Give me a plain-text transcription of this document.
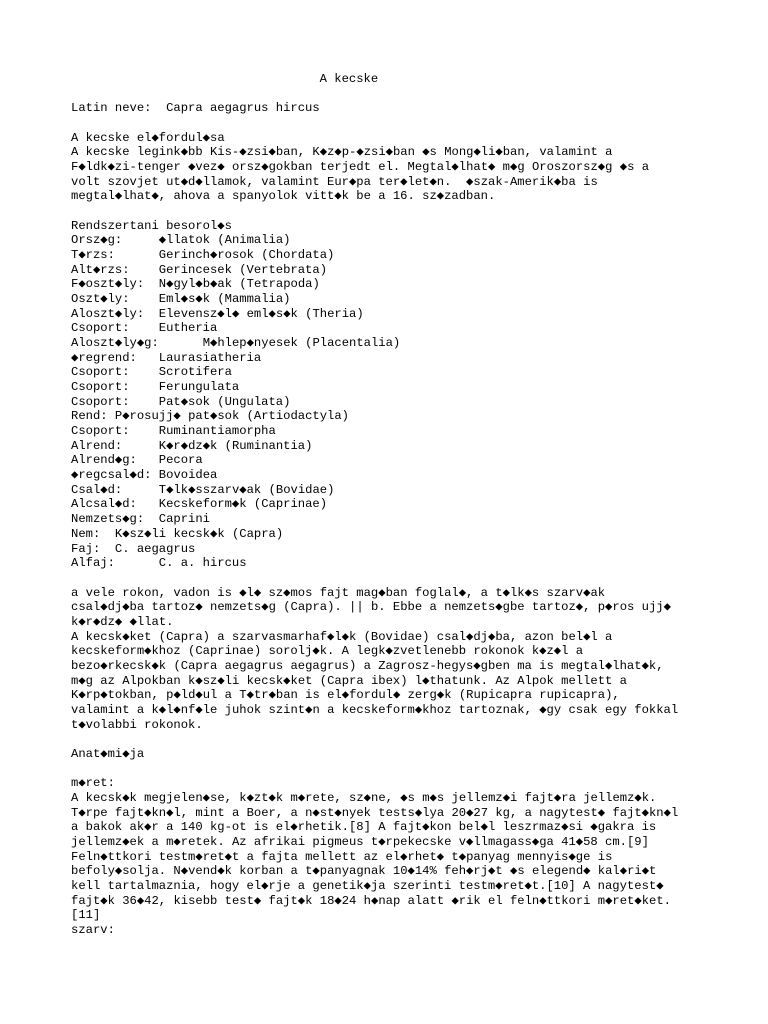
A kecske
Latin neve:  Capra aegagrus hircus
A kecske el◆fordul◆sa
A kecske legink◆bb Kis-◆zsi◆ban, K◆z◆p-◆zsi◆ban ◆s Mong◆li◆ban, valamint a
F◆ldk◆zi-tenger ◆vez◆ orsz◆gokban terjedt el. Megtal◆lhat◆ m◆g Oroszorsz◆g ◆s a
volt szovjet ut◆d◆llamok, valamint Eur◆pa ter◆let◆n.  ◆szak-Amerik◆ba is
megtal◆lhat◆, ahova a spanyolok vitt◆k be a 16. sz◆zadban.
Rendszertani besorol◆s
Orsz◆g:     ◆llatok (Animalia)
T◆rzs:      Gerinch◆rosok (Chordata)
Alt◆rzs:    Gerincesek (Vertebrata)
F◆oszt◆ly:  N◆gyl◆b◆ak (Tetrapoda)
Oszt◆ly:    Eml◆s◆k (Mammalia)
Aloszt◆ly:  Elevensz◆l◆ eml◆s◆k (Theria)
Csoport:    Eutheria
Aloszt◆ly◆g:      M◆hlep◆nyesek (Placentalia)
◆regrend:   Laurasiatheria
Csoport:    Scrotifera
Csoport:    Ferungulata
Csoport:    Pat◆sok (Ungulata)
Rend: P◆rosujj◆ pat◆sok (Artiodactyla)
Csoport:    Ruminantiamorpha
Alrend:     K◆r◆dz◆k (Ruminantia)
Alrend◆g:   Pecora
◆regcsal◆d: Bovoidea
Csal◆d:     T◆lk◆sszarv◆ak (Bovidae)
Alcsal◆d:   Kecskeform◆k (Caprinae)
Nemzets◆g:  Caprini
Nem:  K◆sz◆li kecsk◆k (Capra)
Faj:  C. aegagrus
Alfaj:      C. a. hircus
a vele rokon, vadon is ◆l◆ sz◆mos fajt mag◆ban foglal◆, a t◆lk◆s szarv◆ak
csal◆dj◆ba tartoz◆ nemzets◆g (Capra). || b. Ebbe a nemzets◆gbe tartoz◆, p◆ros ujj◆
k◆r◆dz◆ ◆llat.
A kecsk◆ket (Capra) a szarvasmarhaf◆l◆k (Bovidae) csal◆dj◆ba, azon bel◆l a
kecskeform◆khoz (Caprinae) sorolj◆k. A legk◆zvetlenebb rokonok k◆z◆l a
bezo◆rkecsk◆k (Capra aegagrus aegagrus) a Zagrosz-hegys◆gben ma is megtal◆lhat◆k,
m◆g az Alpokban k◆sz◆li kecsk◆ket (Capra ibex) l◆thatunk. Az Alpok mellett a
K◆rp◆tokban, p◆ld◆ul a T◆tr◆ban is el◆fordul◆ zerg◆k (Rupicapra rupicapra),
valamint a k◆l◆nf◆le juhok szint◆n a kecskeform◆khoz tartoznak, ◆gy csak egy fokkal
t◆volabbi rokonok.
Anat◆mi◆ja
m◆ret:
A kecsk◆k megjelen◆se, k◆zt◆k m◆rete, sz◆ne, ◆s m◆s jellemz◆i fajt◆ra jellemz◆k.
T◆rpe fajt◆kn◆l, mint a Boer, a n◆st◆nyek tests◆lya 20◆27 kg, a nagytest◆ fajt◆kn◆l
a bakok ak◆r a 140 kg-ot is el◆rhetik.[8] A fajt◆kon bel◆l leszrmaz◆si ◆gakra is
jellemz◆ek a m◆retek. Az afrikai pigmeus t◆rpekecske v◆llmagass◆ga 41◆58 cm.[9]
Feln◆ttkori testm◆ret◆t a fajta mellett az el◆rhet◆ t◆panyag mennyis◆ge is
befoly◆solja. N◆vend◆k korban a t◆panyagnak 10◆14% feh◆rj◆t ◆s elegend◆ kal◆ri◆t
kell tartalmaznia, hogy el◆rje a genetik◆ja szerinti testm◆ret◆t.[10] A nagytest◆
fajt◆k 36◆42, kisebb test◆ fajt◆k 18◆24 h◆nap alatt ◆rik el feln◆ttkori m◆ret◆ket.
[11]
szarv:
